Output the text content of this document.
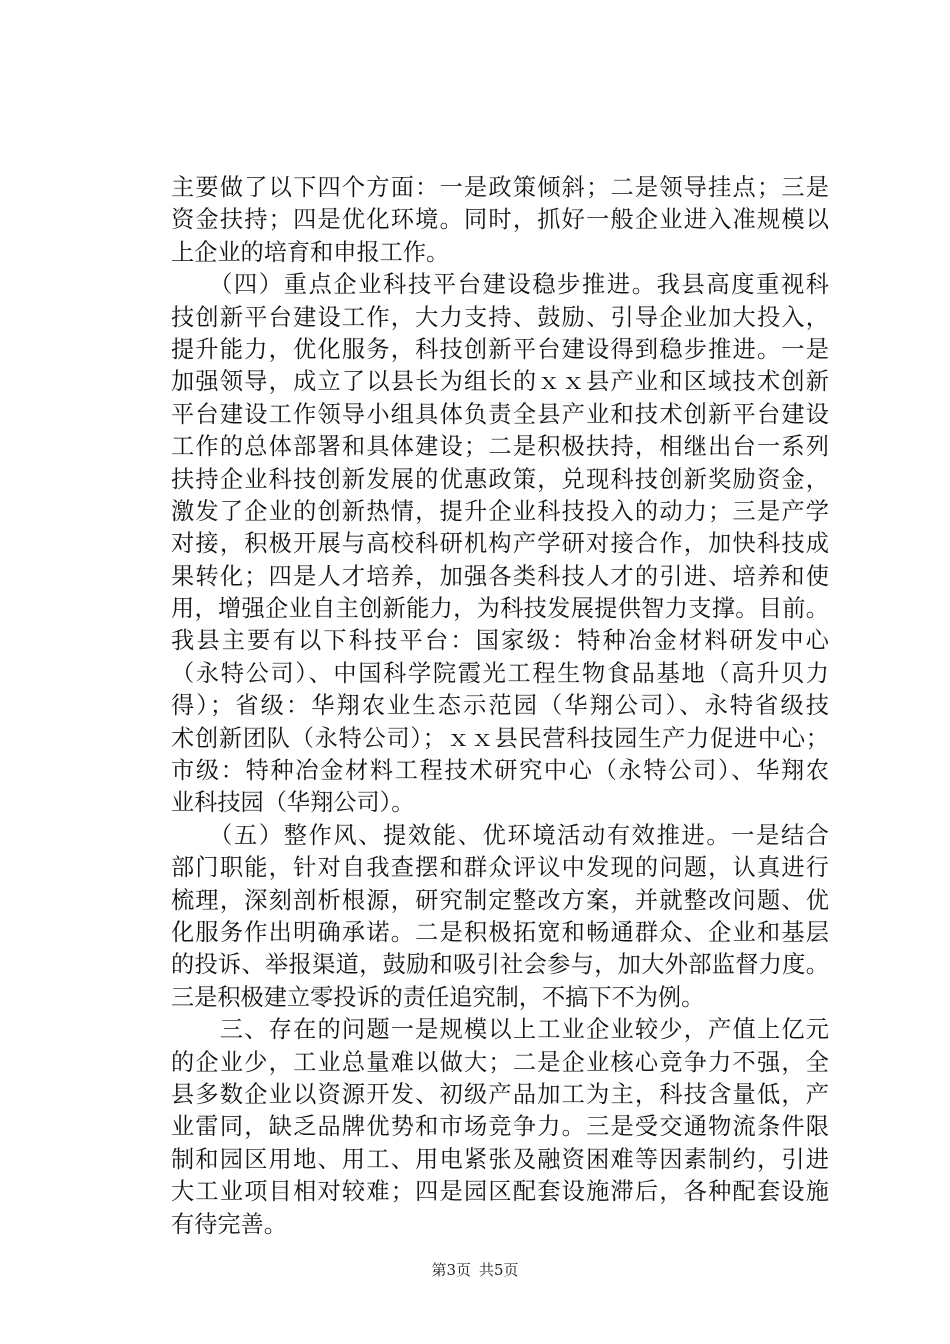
主要做了以下四个方面：一是政策倾斜；二是领导挂点；三是
资金扶持；四是优化环境。同时，抓好一般企业进入准规模以
上企业的培育和申报工作。
　　（四）重点企业科技平台建设稳步推进。我县高度重视科
技创新平台建设工作，大力支持、鼓励、引导企业加大投入，
提升能力，优化服务，科技创新平台建设得到稳步推进。一是
加强领导，成立了以县长为组长的ｘｘ县产业和区域技术创新
平台建设工作领导小组具体负责全县产业和技术创新平台建设
工作的总体部署和具体建设；二是积极扶持，相继出台一系列
扶持企业科技创新发展的优惠政策，兑现科技创新奖励资金，
激发了企业的创新热情，提升企业科技投入的动力；三是产学
对接，积极开展与高校科研机构产学研对接合作，加快科技成
果转化；四是人才培养，加强各类科技人才的引进、培养和使
用，增强企业自主创新能力，为科技发展提供智力支撑。目前。
我县主要有以下科技平台：国家级：特种冶金材料研发中心
（永特公司）、中国科学院霞光工程生物食品基地（高升贝力
得）；省级：华翔农业生态示范园（华翔公司）、永特省级技
术创新团队（永特公司）；ｘｘ县民营科技园生产力促进中心；
市级：特种冶金材料工程技术研究中心（永特公司）、华翔农
业科技园（华翔公司）。
　　（五）整作风、提效能、优环境活动有效推进。一是结合
部门职能，针对自我查摆和群众评议中发现的问题，认真进行
梳理，深刻剖析根源，研究制定整改方案，并就整改问题、优
化服务作出明确承诺。二是积极拓宽和畅通群众、企业和基层
的投诉、举报渠道，鼓励和吸引社会参与，加大外部监督力度。
三是积极建立零投诉的责任追究制，不搞下不为例。
　　三、存在的问题一是规模以上工业企业较少，产值上亿元
的企业少，工业总量难以做大；二是企业核心竞争力不强，全
县多数企业以资源开发、初级产品加工为主，科技含量低，产
业雷同，缺乏品牌优势和市场竞争力。三是受交通物流条件限
制和园区用地、用工、用电紧张及融资困难等因素制约，引进
大工业项目相对较难；四是园区配套设施滞后，各种配套设施
有待完善。
第3页 共5页
